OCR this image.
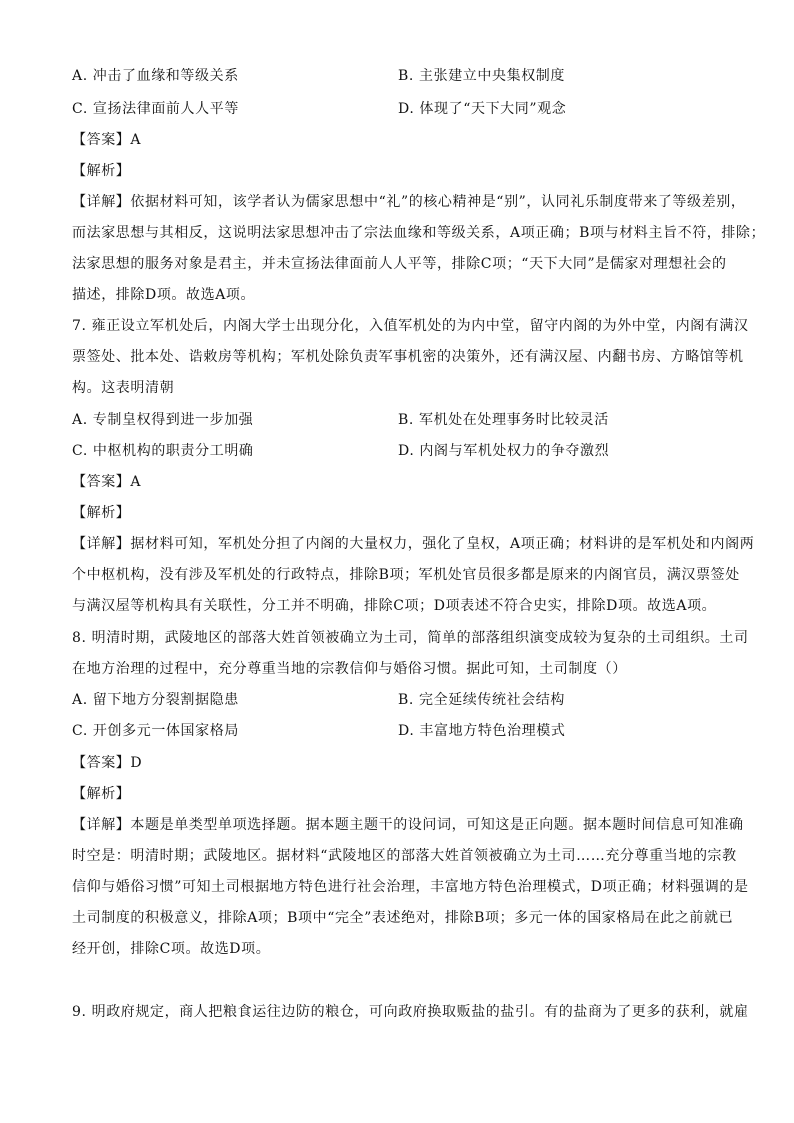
A. 冲击了血缘和等级关系	B. 主张建立中央集权制度
C. 宣扬法律面前人人平等	D. 体现了“天下大同”观念
【答案】A
【解析】
【详解】依据材料可知，该学者认为儒家思想中“礼”的核心精神是“别”，认同礼乐制度带来了等级差别，
而法家思想与其相反，这说明法家思想冲击了宗法血缘和等级关系，A项正确；B项与材料主旨不符，排除；
法家思想的服务对象是君主，并未宣扬法律面前人人平等，排除C项；“天下大同”是儒家对理想社会的
描述，排除D项。故选A项。
7. 雍正设立军机处后，内阁大学士出现分化，入值军机处的为内中堂，留守内阁的为外中堂，内阁有满汉
票签处、批本处、诰敕房等机构；军机处除负责军事机密的决策外，还有满汉屋、内翻书房、方略馆等机
构。这表明清朝
A. 专制皇权得到进一步加强	B. 军机处在处理事务时比较灵活
C. 中枢机构的职责分工明确	D. 内阁与军机处权力的争夺激烈
【答案】A
【解析】
【详解】据材料可知，军机处分担了内阁的大量权力，强化了皇权，A项正确；材料讲的是军机处和内阁两
个中枢机构，没有涉及军机处的行政特点，排除B项；军机处官员很多都是原来的内阁官员，满汉票签处
与满汉屋等机构具有关联性，分工并不明确，排除C项；D项表述不符合史实，排除D项。故选A项。
8. 明清时期，武陵地区的部落大姓首领被确立为土司，简单的部落组织演变成较为复杂的土司组织。土司
在地方治理的过程中，充分尊重当地的宗教信仰与婚俗习惯。据此可知，土司制度（）
A. 留下地方分裂割据隐患	B. 完全延续传统社会结构
C. 开创多元一体国家格局	D. 丰富地方特色治理模式
【答案】D
【解析】
【详解】本题是单类型单项选择题。据本题主题干的设问词，可知这是正向题。据本题时间信息可知准确
时空是：明清时期；武陵地区。据材料“武陵地区的部落大姓首领被确立为土司……充分尊重当地的宗教
信仰与婚俗习惯”可知土司根据地方特色进行社会治理，丰富地方特色治理模式，D项正确；材料强调的是
土司制度的积极意义，排除A项；B项中“完全”表述绝对，排除B项；多元一体的国家格局在此之前就已
经开创，排除C项。故选D项。
9. 明政府规定，商人把粮食运往边防的粮仓，可向政府换取贩盐的盐引。有的盐商为了更多的获利，就雇
